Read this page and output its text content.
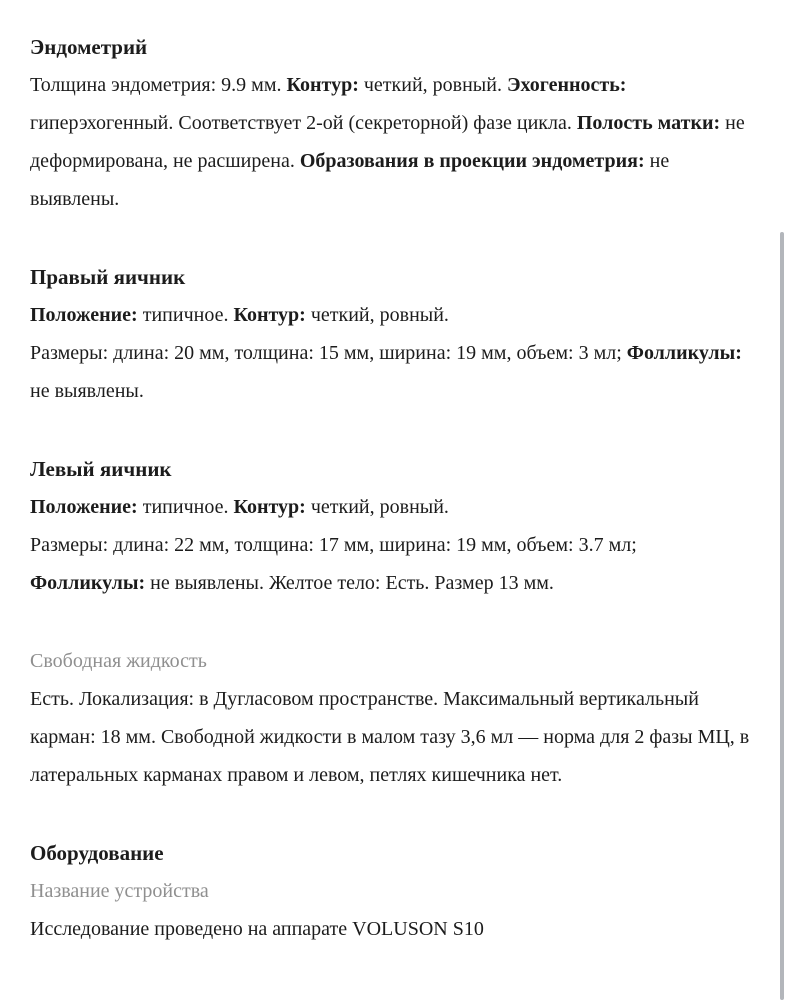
Эндометрий

Толщина эндометрия: 9.9 мм. Контур: четкий, ровный. Эхогенность: гиперэхогенный. Соответствует 2-ой (секреторной) фазе цикла. Полость матки: не деформирована, не расширена. Образования в проекции эндометрия: не выявлены.

Правый яичник

Положение: типичное. Контур: четкий, ровный.

Размеры: длина: 20 мм, толщина: 15 мм, ширина: 19 мм, объем: 3 мл; Фолликулы: не выявлены.

Левый яичник

Положение: типичное. Контур: четкий, ровный.

Размеры: длина: 22 мм, толщина: 17 мм, ширина: 19 мм, объем: 3.7 мл; Фолликулы: не выявлены. Желтое тело: Есть. Размер 13 мм.

Свободная жидкость

Есть. Локализация: в Дугласовом пространстве. Максимальный вертикальный карман: 18 мм. Свободной жидкости в малом тазу 3,6 мл — норма для 2 фазы МЦ, в латеральных карманах правом и левом, петлях кишечника нет.

Оборудование

Название устройства

Исследование проведено на аппарате VOLUSON S10
